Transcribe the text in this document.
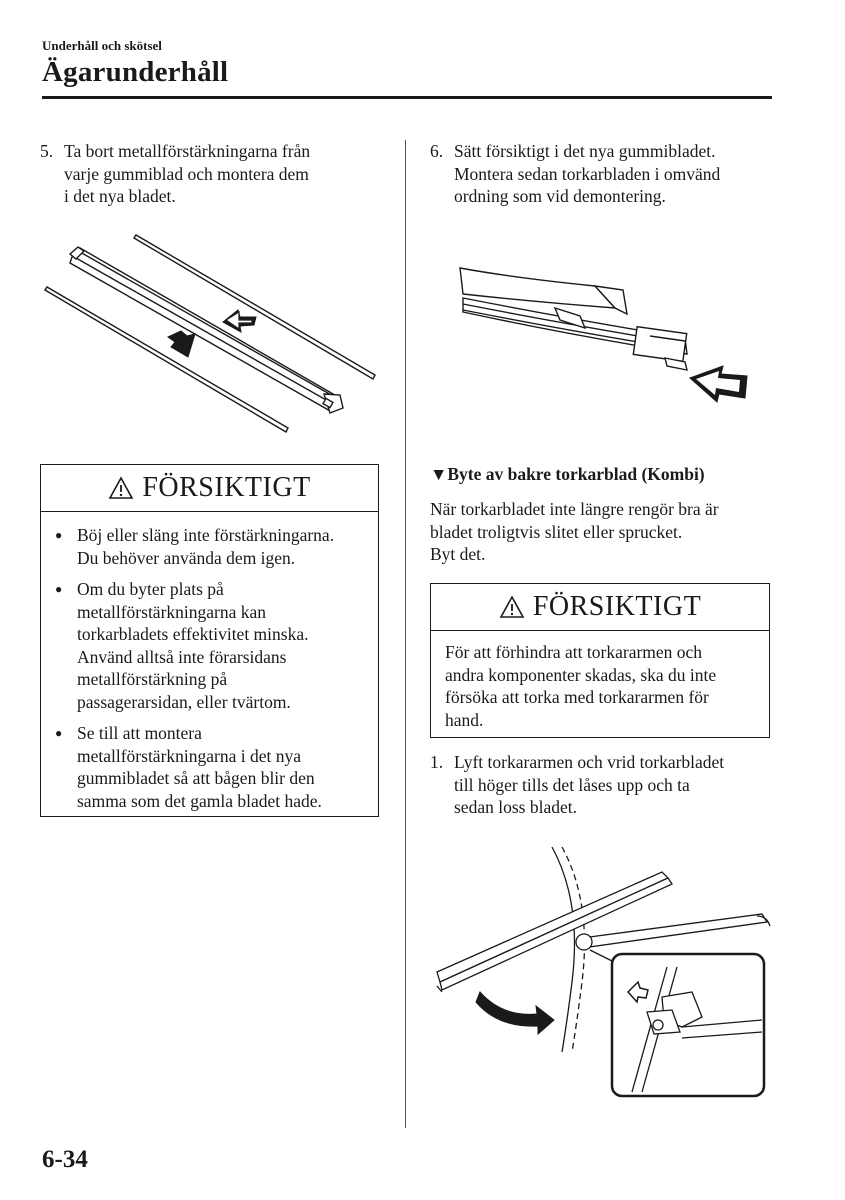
Underhåll och skötsel
Ägarunderhåll
5. Ta bort metallförstärkningarna från
varje gummiblad och montera dem
i det nya bladet.
FÖRSIKTIGT
● Böj eller släng inte förstärkningarna.
Du behöver använda dem igen.
● Om du byter plats på
metallförstärkningarna kan
torkarbladets effektivitet minska.
Använd alltså inte förarsidans
metallförstärkning på
passagerarsidan, eller tvärtom.
● Se till att montera
metallförstärkningarna i det nya
gummibladet så att bågen blir den
samma som det gamla bladet hade.
6. Sätt försiktigt i det nya gummibladet.
Montera sedan torkarbladen i omvänd
ordning som vid demontering.
▼Byte av bakre torkarblad (Kombi)
När torkarbladet inte längre rengör bra är
bladet troligtvis slitet eller sprucket.
Byt det.
FÖRSIKTIGT

För att förhindra att torkararmen och
andra komponenter skadas, ska du inte
försöka att torka med torkararmen för
hand.

1. Lyft torkararmen och vrid torkarbladet
till höger tills det låses upp och ta
sedan loss bladet.
6-34
